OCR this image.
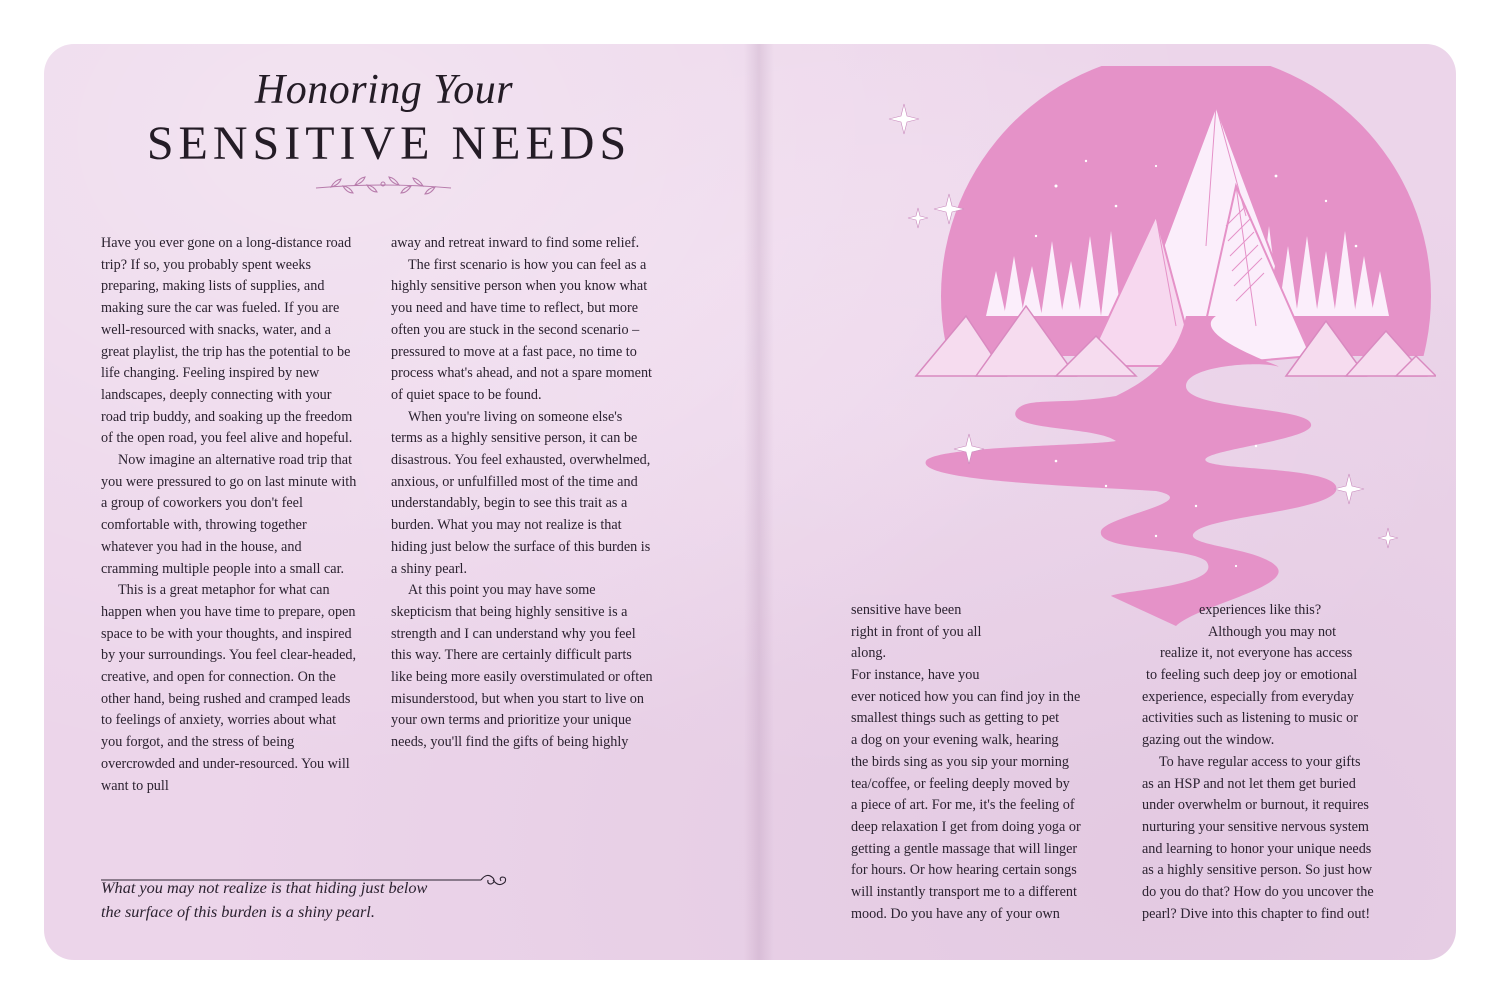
Honoring Your
SENSITIVE NEEDS

Have you ever gone on a long-distance road trip? If so, you probably spent weeks preparing, making lists of supplies, and making sure the car was fueled. If you are well-resourced with snacks, water, and a great playlist, the trip has the potential to be life changing. Feeling inspired by new landscapes, deeply connecting with your road trip buddy, and soaking up the freedom of the open road, you feel alive and hopeful.

Now imagine an alternative road trip that you were pressured to go on last minute with a group of coworkers you don't feel comfortable with, throwing together whatever you had in the house, and cramming multiple people into a small car.

This is a great metaphor for what can happen when you have time to prepare, open space to be with your thoughts, and inspired by your surroundings. You feel clear-headed, creative, and open for connection. On the other hand, being rushed and cramped leads to feelings of anxiety, worries about what you forgot, and the stress of being overcrowded and under-resourced. You will want to pull

away and retreat inward to find some relief.

The first scenario is how you can feel as a highly sensitive person when you know what you need and have time to reflect, but more often you are stuck in the second scenario – pressured to move at a fast pace, no time to process what's ahead, and not a spare moment of quiet space to be found.

When you're living on someone else's terms as a highly sensitive person, it can be disastrous. You feel exhausted, overwhelmed, anxious, or unfulfilled most of the time and understandably, begin to see this trait as a burden. What you may not realize is that hiding just below the surface of this burden is a shiny pearl.

At this point you may have some skepticism that being highly sensitive is a strength and I can understand why you feel this way. There are certainly difficult parts like being more easily overstimulated or often misunderstood, but when you start to live on your own terms and prioritize your unique needs, you'll find the gifts of being highly

What you may not realize is that hiding just below
the surface of this burden is a shiny pearl.
sensitive have been
right in front of you all
along.
For instance, have you
ever noticed how you can find joy in the
smallest things such as getting to pet
a dog on your evening walk, hearing
the birds sing as you sip your morning
tea/coffee, or feeling deeply moved by
a piece of art. For me, it's the feeling of
deep relaxation I get from doing yoga or
getting a gentle massage that will linger
for hours. Or how hearing certain songs
will instantly transport me to a different
mood. Do you have any of your own
experiences like this?
Although you may not
realize it, not everyone has access
to feeling such deep joy or emotional
experience, especially from everyday
activities such as listening to music or
gazing out the window.
To have regular access to your gifts
as an HSP and not let them get buried
under overwhelm or burnout, it requires
nurturing your sensitive nervous system
and learning to honor your unique needs
as a highly sensitive person. So just how
do you do that? How do you uncover the
pearl? Dive into this chapter to find out!
